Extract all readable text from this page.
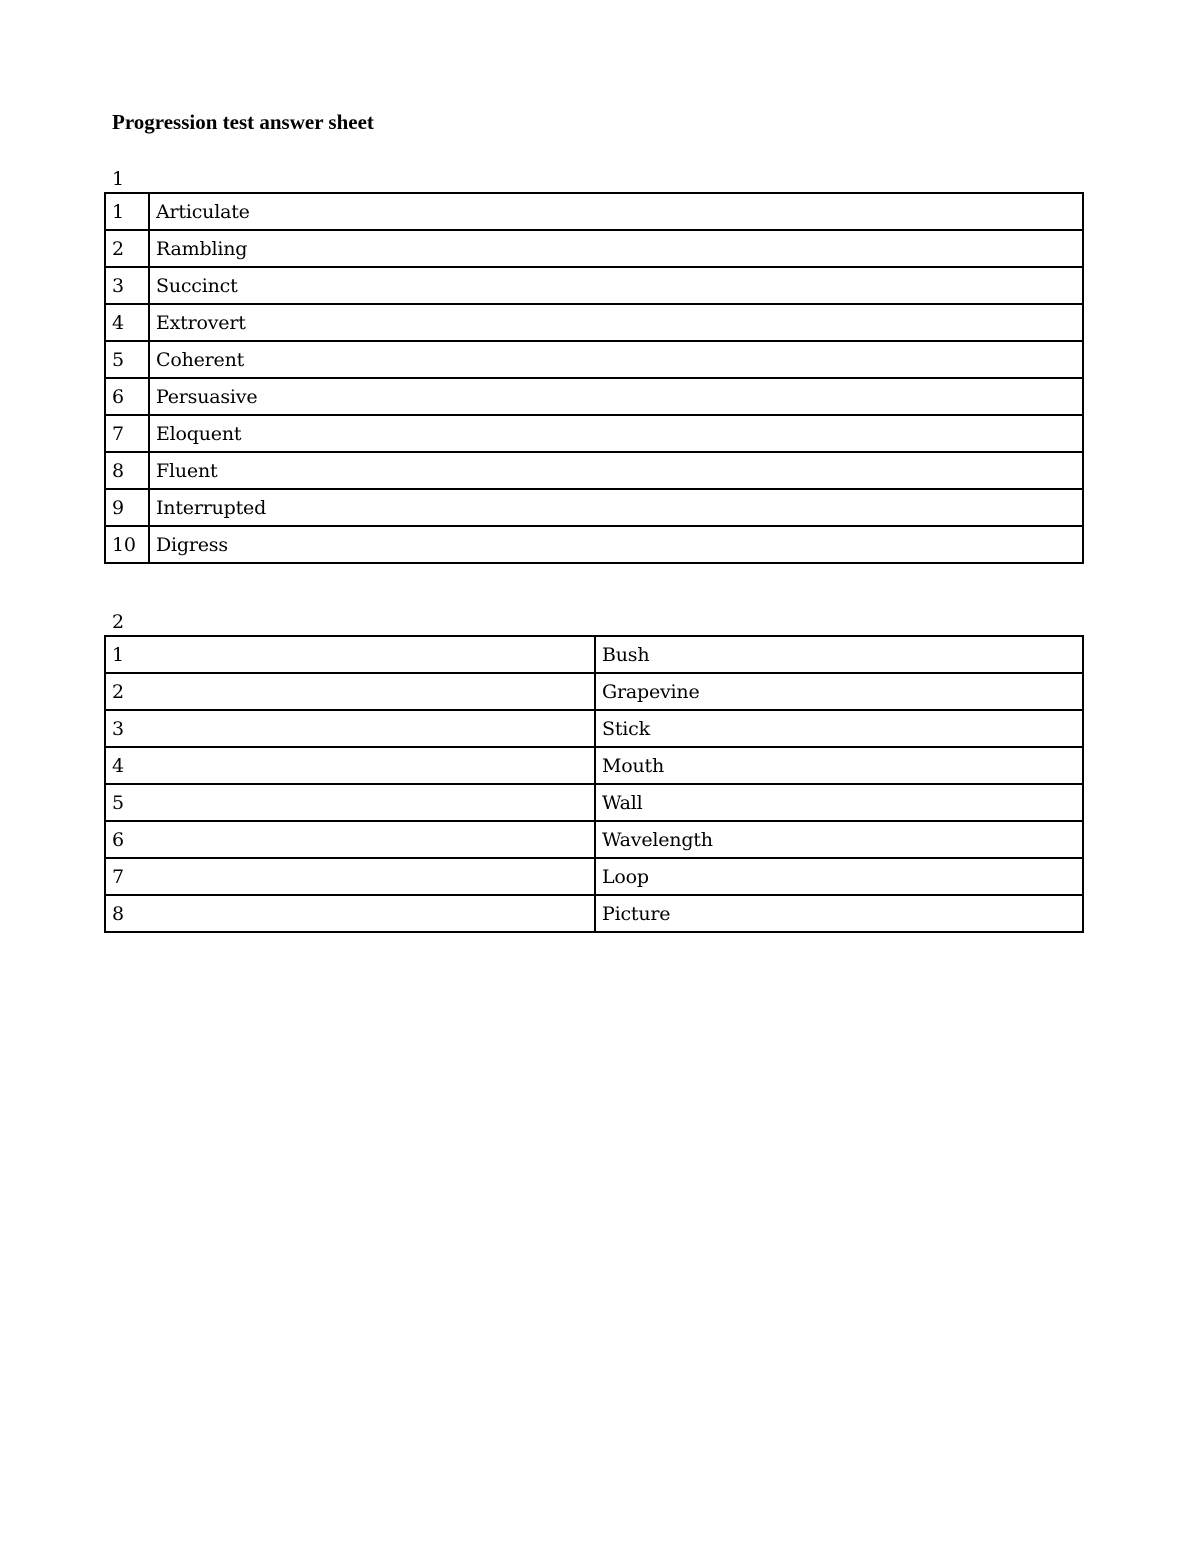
Progression test answer sheet
1
1	Articulate
2	Rambling
3	Succinct
4	Extrovert
5	Coherent
6	Persuasive
7	Eloquent
8	Fluent
9	Interrupted
10	Digress
2
1	Bush
2	Grapevine
3	Stick
4	Mouth
5	Wall
6	Wavelength
7	Loop
8	Picture
